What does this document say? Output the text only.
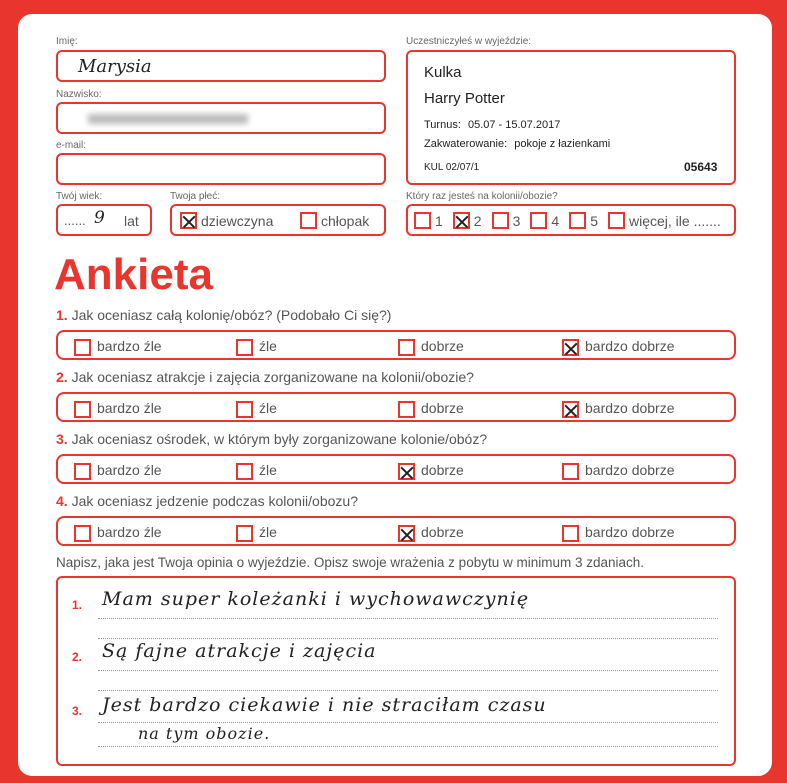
Imię:
Marysia
Nazwisko:
e-mail:
Twój wiek:
...... 9 lat
Twoja płeć:
dziewczyna	chłopak
Uczestniczyłeś w wyjeździe:
Kulka
Harry Potter
Turnus: 05.07 - 15.07.2017
Zakwaterowanie: pokoje z łazienkami
KUL 02/07/1	05643
Który raz jesteś na kolonii/obozie?
1 2 3 4 5 więcej, ile .......
Ankieta
1. Jak oceniasz całą kolonię/obóz? (Podobało Ci się?)
bardzo źle	źle	dobrze	bardzo dobrze
2. Jak oceniasz atrakcje i zajęcia zorganizowane na kolonii/obozie?
bardzo źle	źle	dobrze	bardzo dobrze
3. Jak oceniasz ośrodek, w którym były zorganizowane kolonie/obóz?
bardzo źle	źle	dobrze	bardzo dobrze
4. Jak oceniasz jedzenie podczas kolonii/obozu?
bardzo źle	źle	dobrze	bardzo dobrze
Napisz, jaka jest Twoja opinia o wyjeździe. Opisz swoje wrażenia z pobytu w minimum 3 zdaniach.
1. Mam super koleżanki i wychowawczynię
2. Są fajne atrakcje i zajęcia
3. Jest bardzo ciekawie i nie straciłam czasu
na tym obozie.
